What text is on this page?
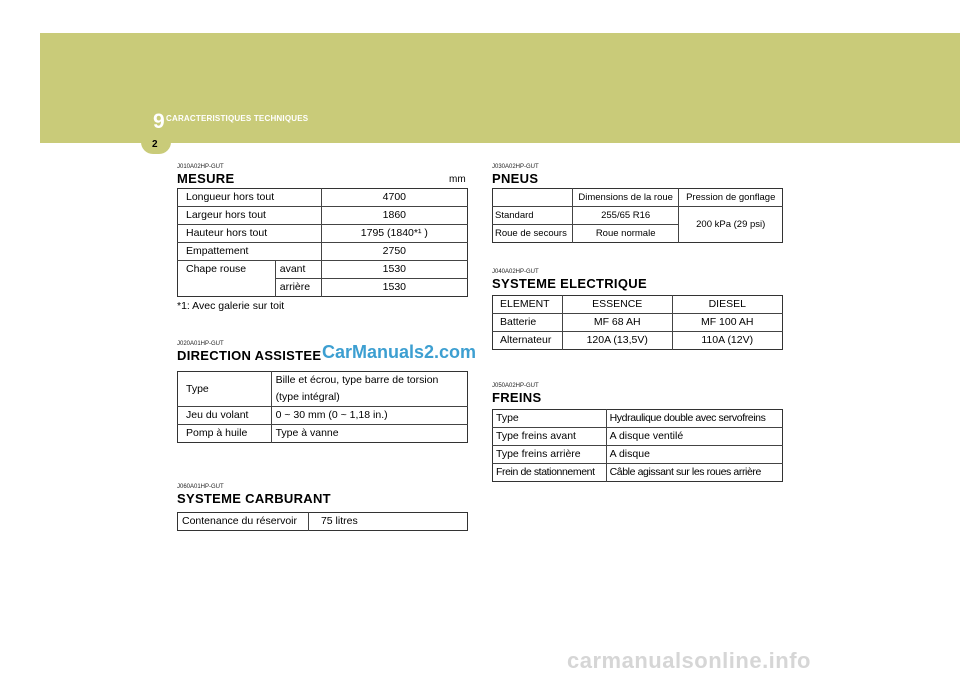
9 CARACTERISTIQUES TECHNIQUES
2
J010A02HP-GUT
MESURE	mm
Longueur hors tout		4700
Largeur hors tout		1860
Hauteur hors tout		1795 (1840*¹ )
Empattement		2750
Chape rouse	avant	1530
	arrière	1530
*1: Avec galerie sur toit
J020A01HP-GUT
DIRECTION ASSISTEE CarManuals2.com
Type	Bille et écrou, type barre de torsion
(type intégral)

Jeu du volant	0 ~ 30 mm (0 ~ 1,18 in.)
Pomp à huile	Type à vanne
J060A01HP-GUT
SYSTEME CARBURANT
Contenance du réservoir	75 litres
J030A02HP-GUT
PNEUS
	Dimensions de la roue	Pression de gonflage
Standard	255/65 R16	200 kPa (29 psi)
Roue de secours	Roue normale	
J040A02HP-GUT
SYSTEME ELECTRIQUE
ELEMENT	ESSENCE	DIESEL
Batterie	MF 68 AH	MF 100 AH
Alternateur	120A (13,5V)	110A (12V)
J050A02HP-GUT
FREINS
Type	Hydraulique double avec servofreins
Type freins avant	A disque ventilé
Type freins arrière	A disque
Frein de stationnement	Câble agissant sur les roues arrière
carmanualsonline.info
